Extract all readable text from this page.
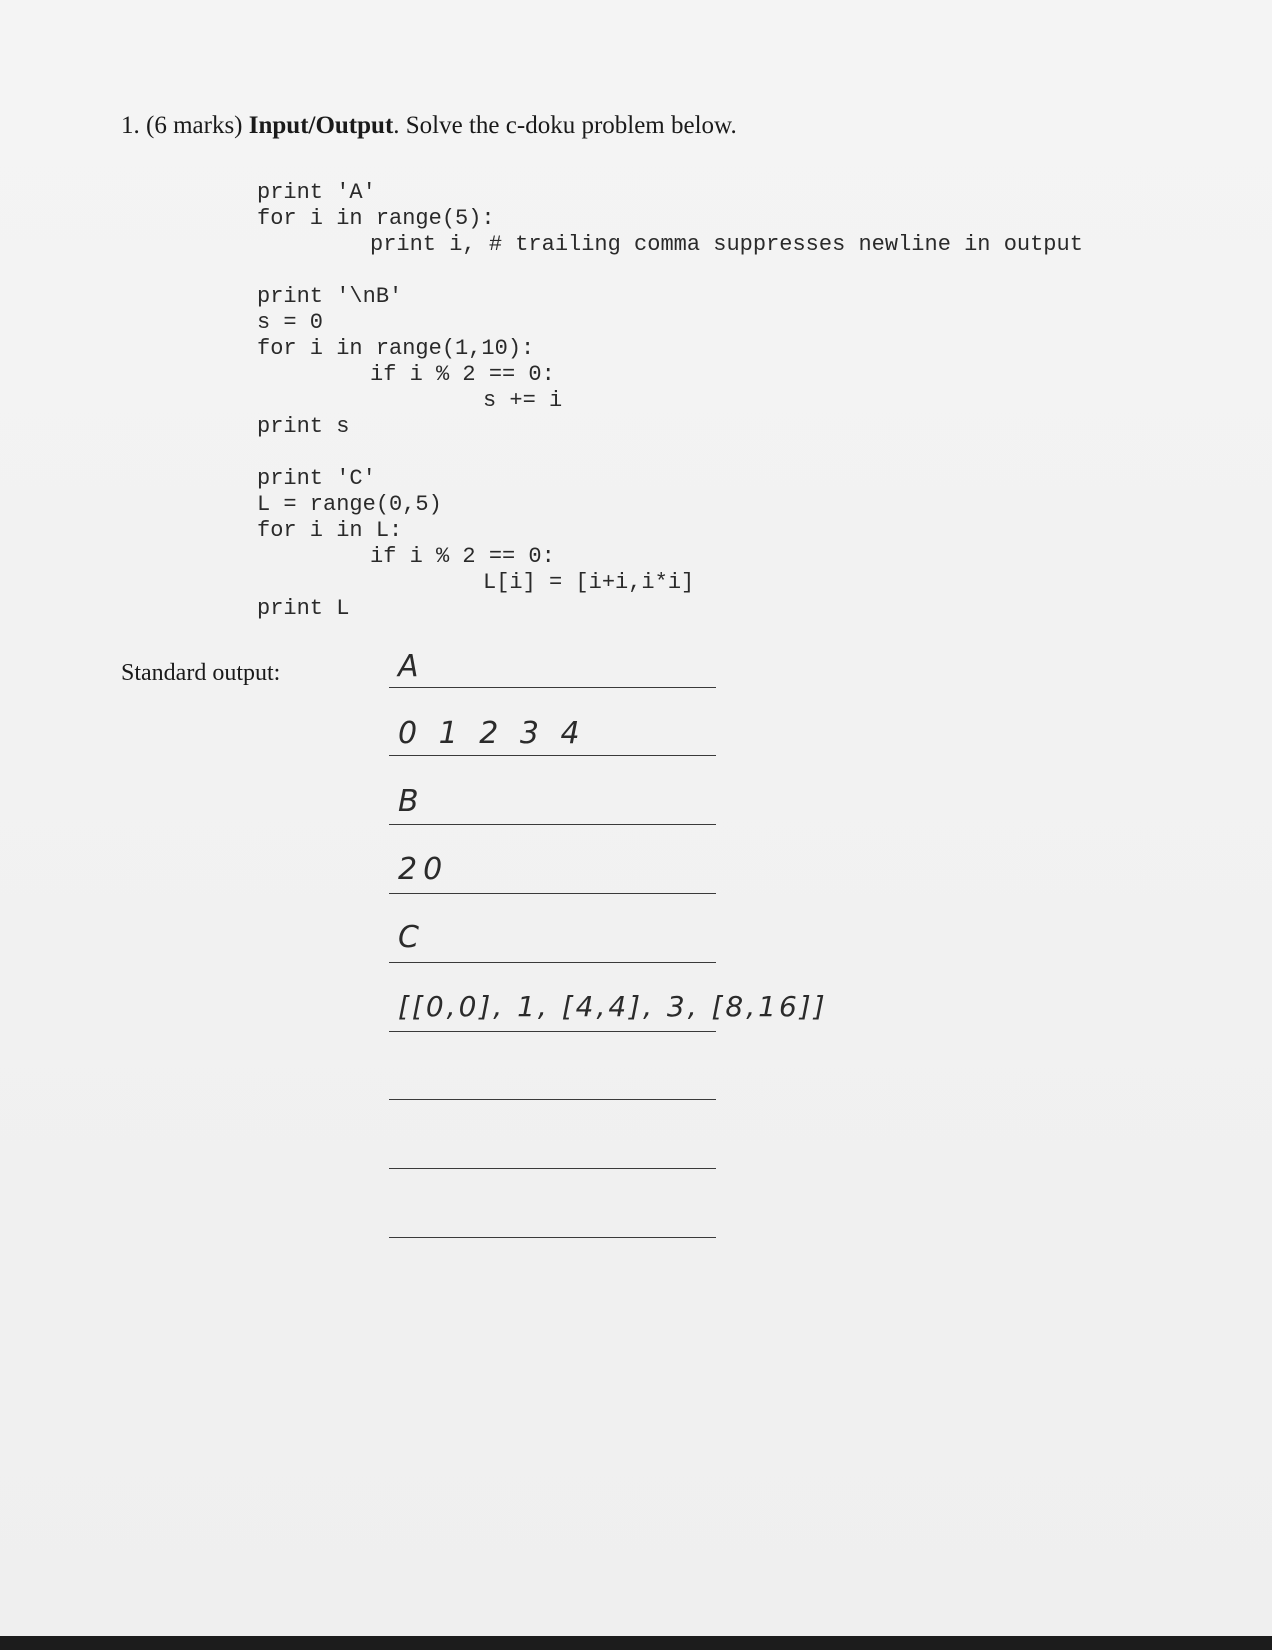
1. (6 marks) Input/Output. Solve the c-doku problem below.
print 'A'
for i in range(5):
print i, # trailing comma suppresses newline in output
print '\nB'
s = 0
for i in range(1,10):
if i % 2 == 0:
s += i
print s
print 'C'
L = range(0,5)
for i in L:
if i % 2 == 0:
L[i] = [i+i,i*i]
print L
Standard output:	A
0 1 2 3 4
B
20
C
[[0,0], 1, [4,4], 3, [8,16]]
